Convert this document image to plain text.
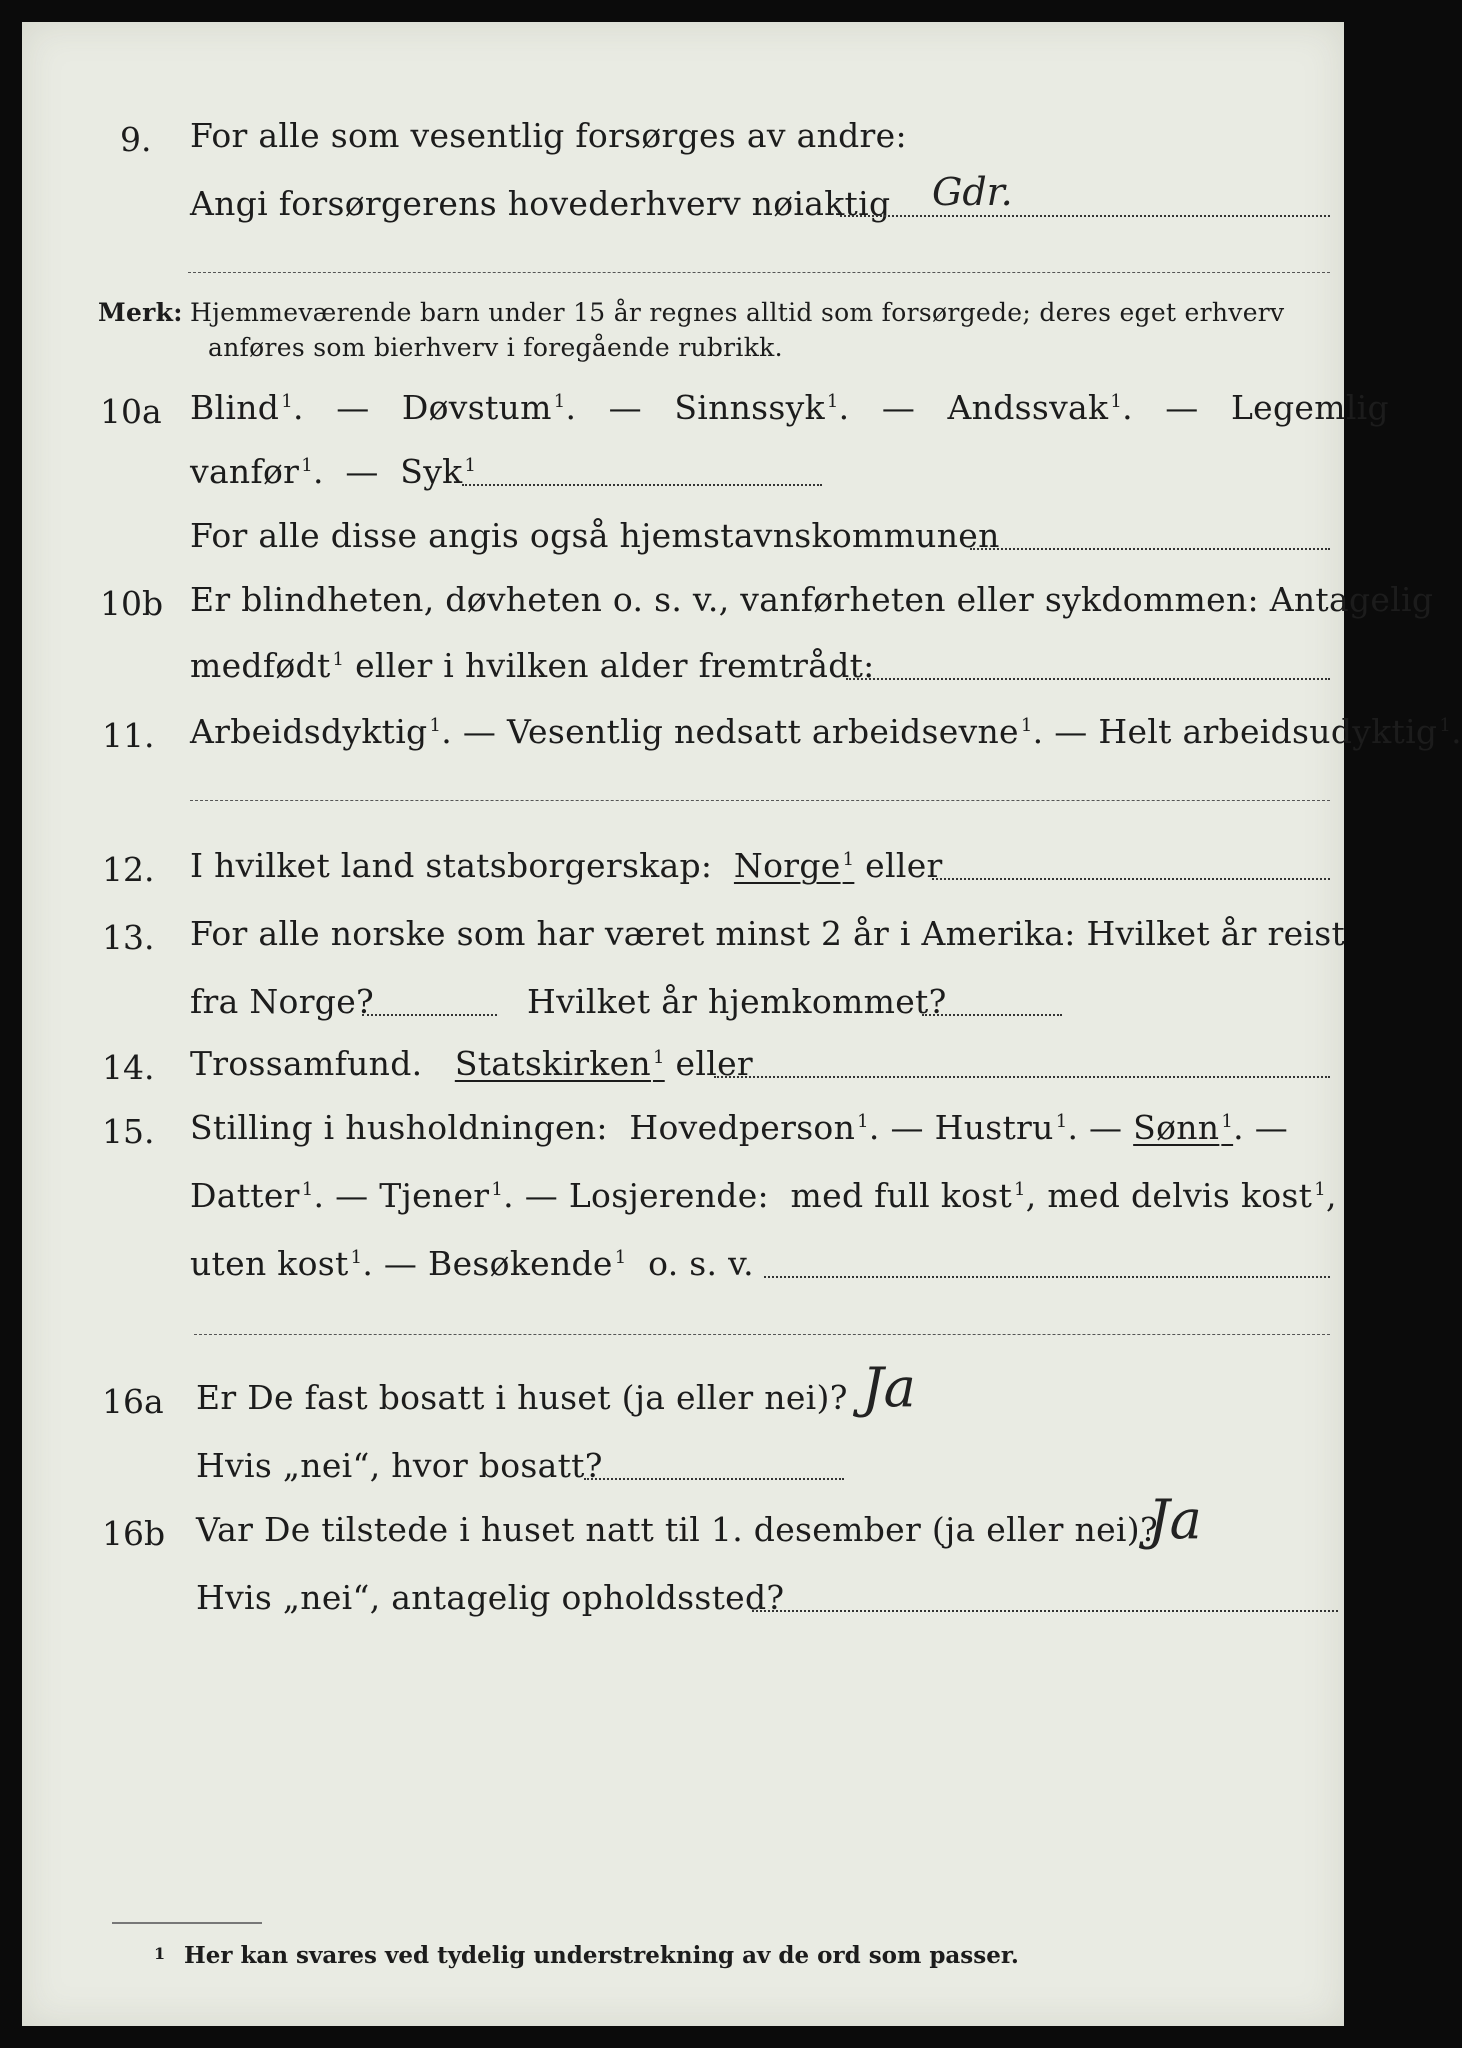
9. For alle som vesentlig forsørges av andre:
Angi forsørgerens hovederhverv nøiaktig Gdr.
Merk: Hjemmeværende barn under 15 år regnes alltid som forsørgede; deres eget erhverv
anføres som bierhverv i foregående rubrikk.
10a Blind $^1$. — Døvstum $^1$. — Sinnssyk $^1$. — Andssvak $^1$. — Legemlig
vanfør $^1$. — Syk $^1$
For alle disse angis også hjemstavnskommunen
10b Er blindheten, døvheten o. s. v., vanførheten eller sykdommen: Antagelig
medfødt $^1$ eller i hvilken alder fremtrådt:
11. Arbeidsdyktig $^1$. — Vesentlig nedsatt arbeidsevne $^1$. — Helt arbeidsudyktig $^1$.
12. I hvilket land statsborgerskap: Norge $^1$ eller
13. For alle norske som har været minst 2 år i Amerika: Hvilket år reist
fra Norge?	Hvilket år hjemkommet?
14. Trossamfund. Statskirken $^1$ eller
15. Stilling i husholdningen: Hovedperson $^1$. — Hustru $^1$. — Sønn $^1$. —
Datter $^1$. — Tjener $^1$. — Losjerende: med full kost $^1$, med delvis kost $^1$,
uten kost $^1$. — Besøkende $^1$ o. s. v.
16a Er De fast bosatt i huset (ja eller nei)? Ja
Hvis „nei“, hvor bosatt?
16b Var De tilstede i huset natt til 1. desember (ja eller nei)?
Ja
Hvis „nei“, antagelig opholdssted?
1 Her kan svares ved tydelig understrekning av de ord som passer.
